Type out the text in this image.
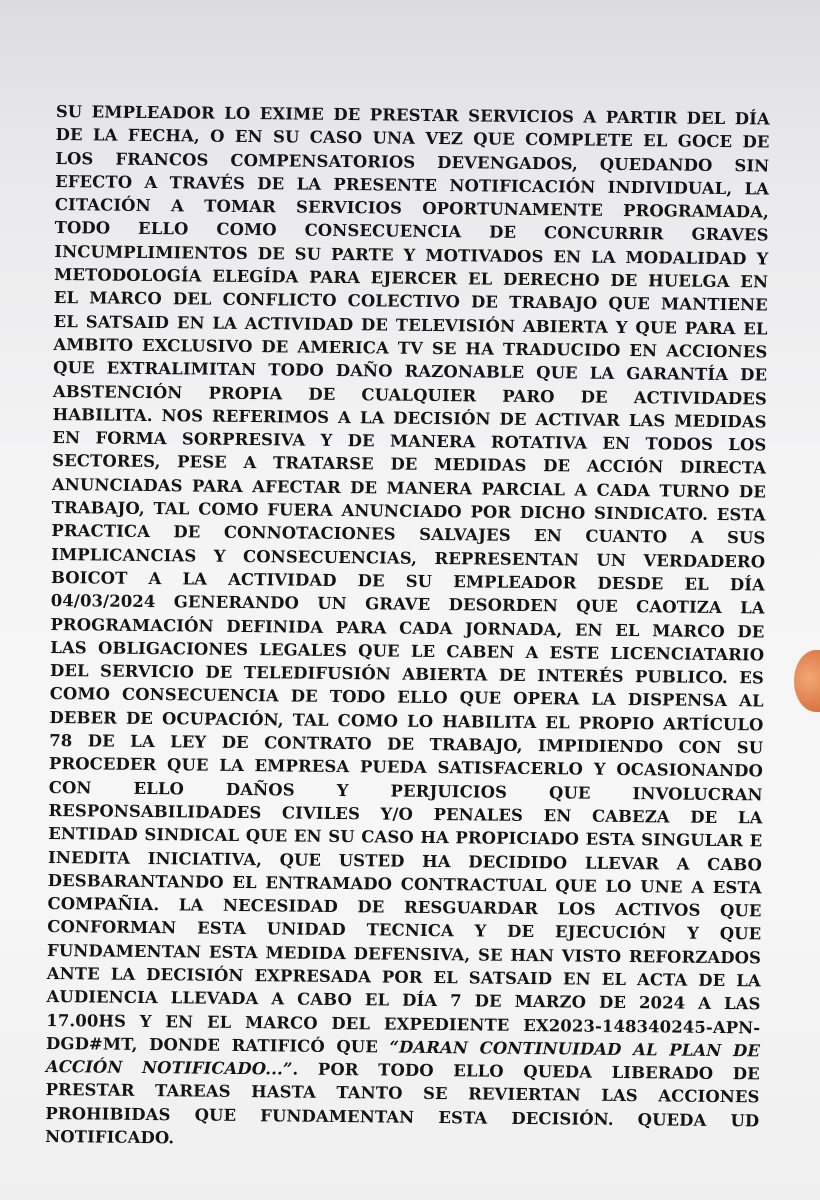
SU EMPLEADOR LO EXIME DE PRESTAR SERVICIOS A PARTIR DEL DÍA
DE LA FECHA, O EN SU CASO UNA VEZ QUE COMPLETE EL GOCE DE
LOS FRANCOS COMPENSATORIOS DEVENGADOS, QUEDANDO SIN
EFECTO A TRAVÉS DE LA PRESENTE NOTIFICACIÓN INDIVIDUAL, LA
CITACIÓN A TOMAR SERVICIOS OPORTUNAMENTE PROGRAMADA,
TODO ELLO COMO CONSECUENCIA DE CONCURRIR GRAVES
INCUMPLIMIENTOS DE SU PARTE Y MOTIVADOS EN LA MODALIDAD Y
METODOLOGÍA ELEGÍDA PARA EJERCER EL DERECHO DE HUELGA EN
EL MARCO DEL CONFLICTO COLECTIVO DE TRABAJO QUE MANTIENE
EL SATSAID EN LA ACTIVIDAD DE TELEVISIÓN ABIERTA Y QUE PARA EL
AMBITO EXCLUSIVO DE AMERICA TV SE HA TRADUCIDO EN ACCIONES
QUE EXTRALIMITAN TODO DAÑO RAZONABLE QUE LA GARANTÍA DE
ABSTENCIÓN PROPIA DE CUALQUIER PARO DE ACTIVIDADES
HABILITA. NOS REFERIMOS A LA DECISIÓN DE ACTIVAR LAS MEDIDAS
EN FORMA SORPRESIVA Y DE MANERA ROTATIVA EN TODOS LOS
SECTORES, PESE A TRATARSE DE MEDIDAS DE ACCIÓN DIRECTA
ANUNCIADAS PARA AFECTAR DE MANERA PARCIAL A CADA TURNO DE
TRABAJO, TAL COMO FUERA ANUNCIADO POR DICHO SINDICATO. ESTA
PRACTICA DE CONNOTACIONES SALVAJES EN CUANTO A SUS
IMPLICANCIAS Y CONSECUENCIAS, REPRESENTAN UN VERDADERO
BOICOT A LA ACTIVIDAD DE SU EMPLEADOR DESDE EL DÍA
04/03/2024 GENERANDO UN GRAVE DESORDEN QUE CAOTIZA LA
PROGRAMACIÓN DEFINIDA PARA CADA JORNADA, EN EL MARCO DE
LAS OBLIGACIONES LEGALES QUE LE CABEN A ESTE LICENCIATARIO
DEL SERVICIO DE TELEDIFUSIÓN ABIERTA DE INTERÉS PUBLICO. ES
COMO CONSECUENCIA DE TODO ELLO QUE OPERA LA DISPENSA AL
DEBER DE OCUPACIÓN, TAL COMO LO HABILITA EL PROPIO ARTÍCULO
78 DE LA LEY DE CONTRATO DE TRABAJO, IMPIDIENDO CON SU
PROCEDER QUE LA EMPRESA PUEDA SATISFACERLO Y OCASIONANDO
CON ELLO DAÑOS Y PERJUICIOS QUE INVOLUCRAN
RESPONSABILIDADES CIVILES Y/O PENALES EN CABEZA DE LA
ENTIDAD SINDICAL QUE EN SU CASO HA PROPICIADO ESTA SINGULAR E
INEDITA INICIATIVA, QUE USTED HA DECIDIDO LLEVAR A CABO
DESBARANTANDO EL ENTRAMADO CONTRACTUAL QUE LO UNE A ESTA
COMPAÑIA. LA NECESIDAD DE RESGUARDAR LOS ACTIVOS QUE
CONFORMAN ESTA UNIDAD TECNICA Y DE EJECUCIÓN Y QUE
FUNDAMENTAN ESTA MEDIDA DEFENSIVA, SE HAN VISTO REFORZADOS
ANTE LA DECISIÓN EXPRESADA POR EL SATSAID EN EL ACTA DE LA
AUDIENCIA LLEVADA A CABO EL DÍA 7 DE MARZO DE 2024 A LAS
17.00HS Y EN EL MARCO DEL EXPEDIENTE EX2023-148340245-APN-
DGD#MT, DONDE RATIFICÓ QUE “DARAN CONTINUIDAD AL PLAN DE
ACCIÓN NOTIFICADO...”. POR TODO ELLO QUEDA LIBERADO DE
PRESTAR TAREAS HASTA TANTO SE REVIERTAN LAS ACCIONES
PROHIBIDAS QUE FUNDAMENTAN ESTA DECISIÓN. QUEDA UD
NOTIFICADO.
